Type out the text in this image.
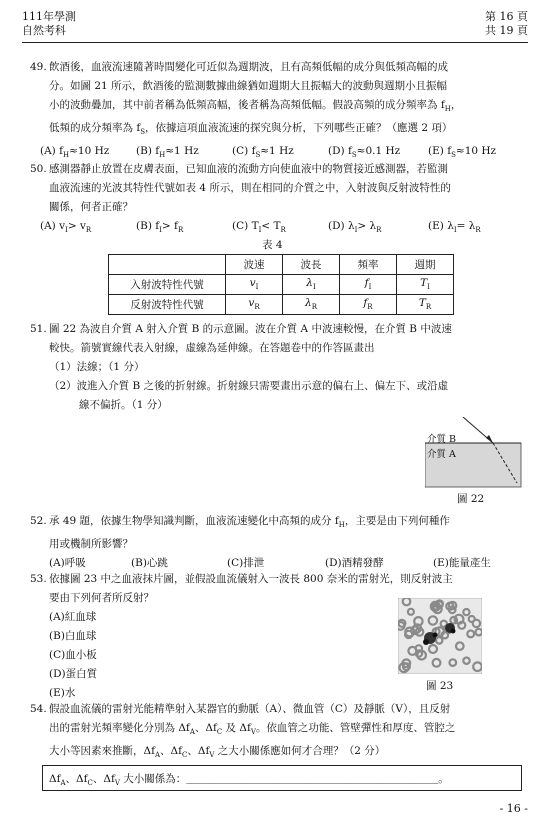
111年學測
自然考科
第 16 頁
共 19 頁
49. 飲酒後，血液流速隨著時間變化可近似為週期波，且有高頻低幅的成分與低頻高幅的成
分。如圖 21 所示，飲酒後的監測數據曲線猶如週期大且振幅大的波動與週期小且振幅
小的波動疊加，其中前者稱為低頻高幅，後者稱為高頻低幅。假設高頻的成分頻率為 $f_H$，
低頻的成分頻率為 $f_S$，依據這項血液流速的探究與分析，下列哪些正確？（應選 2 項）
(A) $f_H\approx 10$ Hz	(B) $f_H\approx 1$ Hz	(C) $f_S\approx 1$ Hz	(D) $f_S\approx 0.1$ Hz	(E) $f_S\approx 10$ Hz
50. 感測器靜止放置在皮膚表面，已知血液的流動方向使血液中的物質接近感測器，若監測
血液流速的光波其特性代號如表 4 所示，則在相同的介質之中，入射波與反射波特性的
關係，何者正確？
(A) $v_I> v_R$	(B) $f_I> f_R$	(C) $T_I< T_R$	(D) $\lambda_I> \lambda_R$	(E) $\lambda_I= \lambda_R$
表 4
	波速	波長	頻率	週期
入射波特性代號	$v_I$	$\lambda_I$	$f_I$	$T_I$
反射波特性代號	$v_R$	$\lambda_R$	$f_R$	$T_R$
51. 圖 22 為波自介質 A 射入介質 B 的示意圖。波在介質 A 中波速較慢，在介質 B 中波速
較快。箭號實線代表入射線，虛線為延伸線。在答題卷中的作答區畫出
（1）法線；（1 分）
（2）波進入介質 B 之後的折射線。折射線只需要畫出示意的偏右上、偏左下、或沿虛
線不偏折。（1 分）
介質 B
介質 A
圖 22
52. 承 49 題，依據生物學知識判斷，血液流速變化中高頻的成分 $f_H$，主要是由下列何種作
用或機制所影響？
(A)呼吸	(B)心跳	(C)排泄	(D)酒精發酵	(E)能量產生
53. 依據圖 23 中之血液抹片圖，並假設血流儀射入一波長 800 奈米的雷射光，則反射波主
要由下列何者所反射？
(A)紅血球
(B)白血球
(C)血小板
(D)蛋白質
(E)水
圖 23
54. 假設血流儀的雷射光能精準射入某器官的動脈（A）、微血管（C）及靜脈（V），且反射
出的雷射光頻率變化分別為 $\Delta f_A$、$\Delta f_C$ 及 $\Delta f_V$。依血管之功能、管壁彈性和厚度、管腔之
大小等因素來推斷，$\Delta f_A$、$\Delta f_C$、$\Delta f_V$ 之大小關係應如何才合理？（2 分）
$\Delta f_A$、$\Delta f_C$、$\Delta f_V$ 大小關係為：＿＿＿＿＿＿＿＿＿＿＿＿＿＿＿＿＿＿＿＿＿＿＿＿。
- 16 -
